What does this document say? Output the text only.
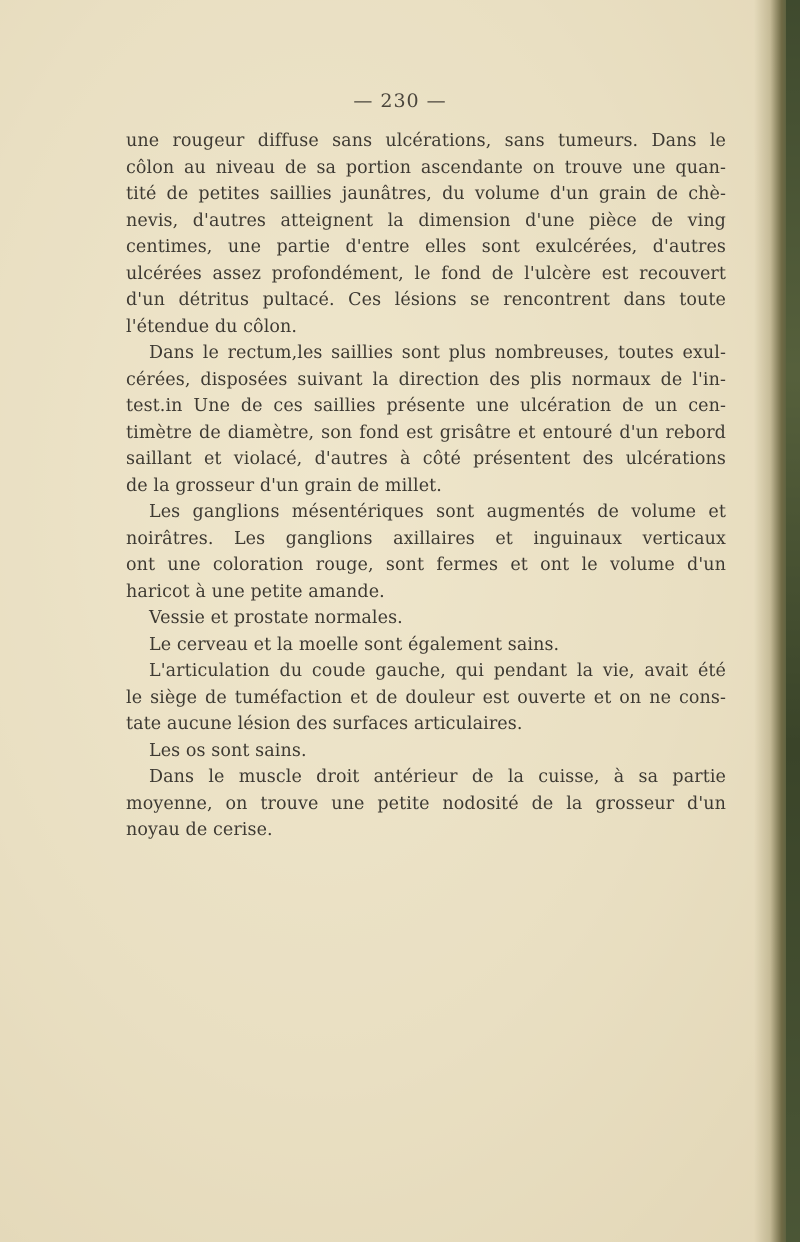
— 230 —
une rougeur diffuse sans ulcérations, sans tumeurs. Dans le
côlon au niveau de sa portion ascendante on trouve une quan-
tité de petites saillies jaunâtres, du volume d'un grain de chè-
nevis, d'autres atteignent la dimension d'une pièce de ving
centimes, une partie d'entre elles sont exulcérées, d'autres
ulcérées assez profondément, le fond de l'ulcère est recouvert
d'un détritus pultacé. Ces lésions se rencontrent dans toute
l'étendue du côlon.
Dans le rectum,les saillies sont plus nombreuses, toutes exul-
cérées, disposées suivant la direction des plis normaux de l'in-
test.in Une de ces saillies présente une ulcération de un cen-
timètre de diamètre, son fond est grisâtre et entouré d'un rebord
saillant et violacé, d'autres à côté présentent des ulcérations
de la grosseur d'un grain de millet.
Les ganglions mésentériques sont augmentés de volume et
noirâtres. Les ganglions axillaires et inguinaux verticaux
ont une coloration rouge, sont fermes et ont le volume d'un
haricot à une petite amande.
Vessie et prostate normales.
Le cerveau et la moelle sont également sains.
L'articulation du coude gauche, qui pendant la vie, avait été
le siège de tuméfaction et de douleur est ouverte et on ne cons-
tate aucune lésion des surfaces articulaires.
Les os sont sains.
Dans le muscle droit antérieur de la cuisse, à sa partie
moyenne, on trouve une petite nodosité de la grosseur d'un
noyau de cerise.
